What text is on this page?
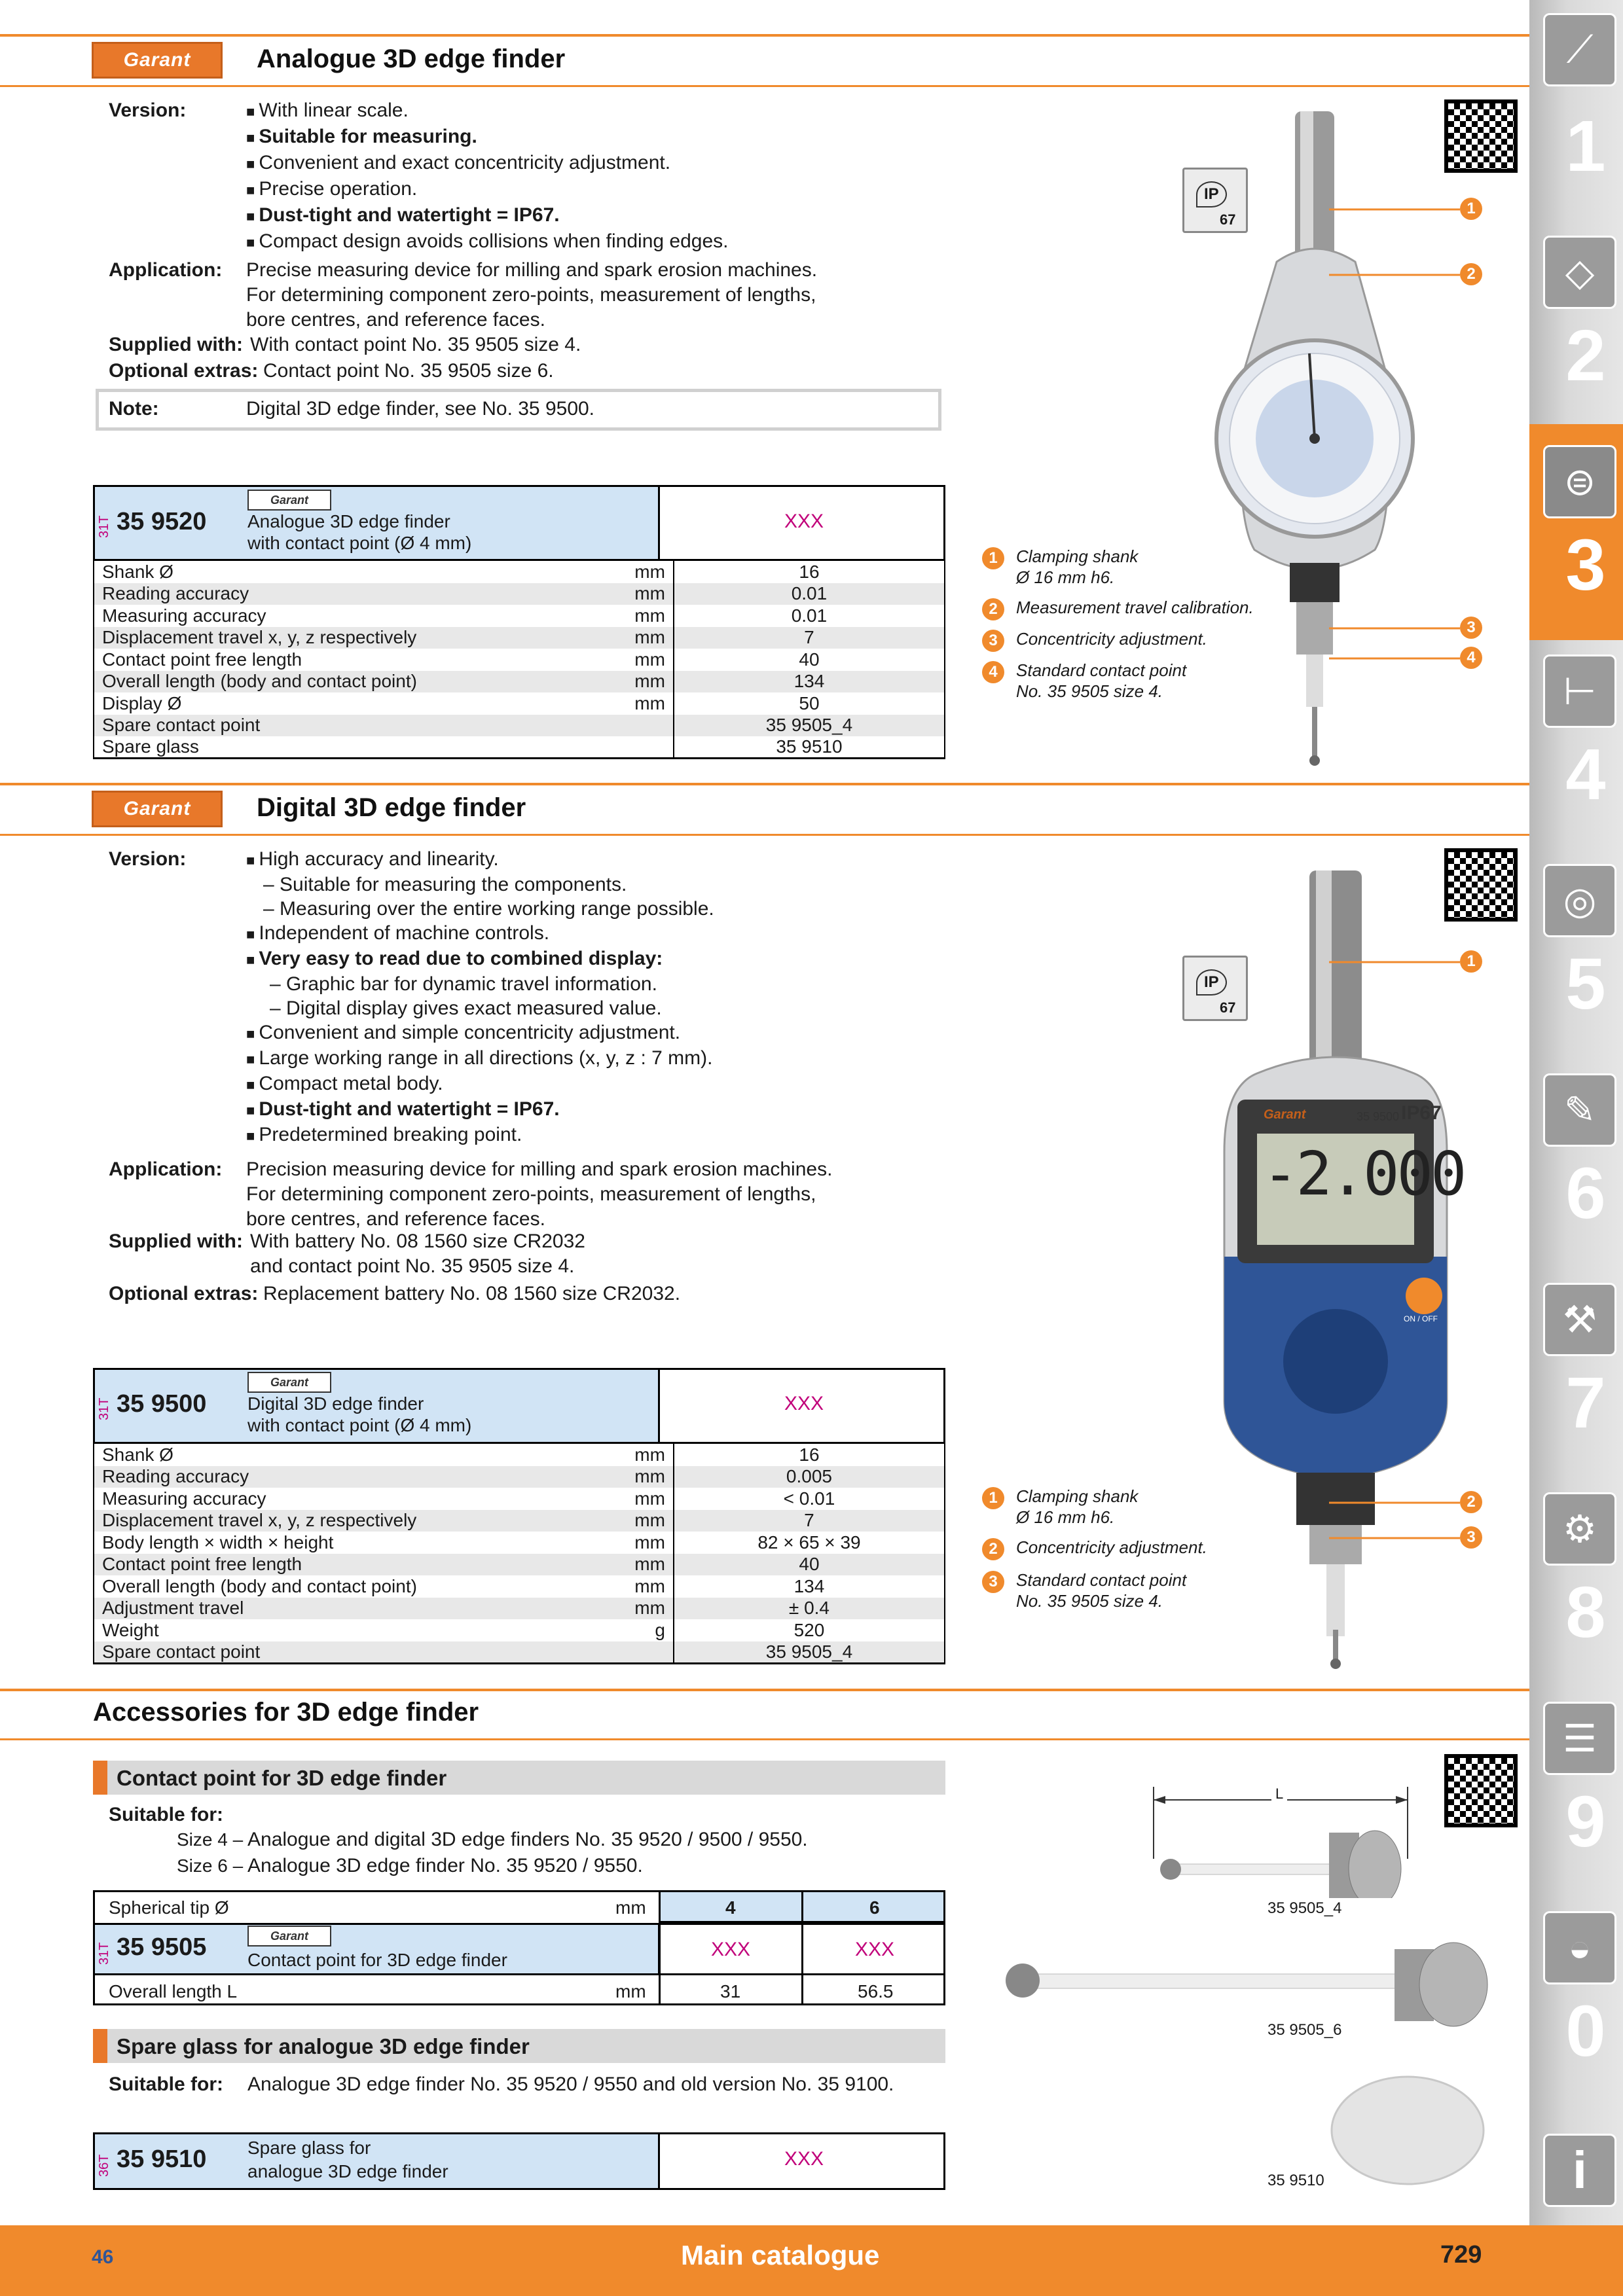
⟋
1
◇
2
⊜
3
⊢
4
◎
5
✎
6
⚒
7
⚙
8
☰
9
◒
0
i
Garant	Analogue 3D edge finder
Version:	■ With linear scale.
■ Suitable for measuring.
■ Convenient and exact concentricity adjustment.
■ Precise operation.
■ Dust-tight and watertight = IP67.
■ Compact design avoids collisions when finding edges.
Application: Precise measuring device for milling and spark erosion machines.
For determining component zero-points, measurement of lengths,
bore centres, and reference faces.
Supplied with: With contact point No. 35 9505 size 4.
Optional extras: Contact point No. 35 9505 size 6.
Note:	Digital 3D edge finder, see No. 35 9500.
31T 35 9520
Garant
Analogue 3D edge finder
with contact point (Ø 4 mm)
XXX
Shank Ø	mm	16
Reading accuracy	mm	0.01
Measuring accuracy	mm	0.01
Displacement travel x, y, z respectively	mm	7
Contact point free length	mm	40
Overall length (body and contact point)	mm	134
Display Ø	mm	50
Spare contact point		35 9505_4
Spare glass		35 9510
IP
67
1
2
3
4
1	Clamping shank
Ø 16 mm h6.
2	Measurement travel calibration.
3	Concentricity adjustment.
4	Standard contact point
No. 35 9505 size 4.
Garant	Digital 3D edge finder
Version:	■ High accuracy and linearity.
– Suitable for measuring the components.
– Measuring over the entire working range possible.
■ Independent of machine controls.
■ Very easy to read due to combined display:
– Graphic bar for dynamic travel information.
– Digital display gives exact measured value.
■ Convenient and simple concentricity adjustment.
■ Large working range in all directions (x, y, z : 7 mm).
■ Compact metal body.
■ Dust-tight and watertight = IP67.
■ Predetermined breaking point.
Application: Precision measuring device for milling and spark erosion machines.
For determining component zero-points, measurement of lengths,
bore centres, and reference faces.
Supplied with: With battery No. 08 1560 size CR2032
and contact point No. 35 9505 size 4.
Optional extras: Replacement battery No. 08 1560 size CR2032.
31T 35 9500
Garant
Digital 3D edge finder
with contact point (Ø 4 mm)
XXX
Shank Ø	mm	16
Reading accuracy	mm	0.005
Measuring accuracy	mm	< 0.01
Displacement travel x, y, z respectively	mm	7
Body length × width × height	mm	82 × 65 × 39
Contact point free length	mm	40
Overall length (body and contact point)	mm	134
Adjustment travel	mm	± 0.4
Weight	g	520
Spare contact point		35 9505_4
IP
67
Garant	35 9500 IP67
-2.000
ON / OFF
1
2
3
1	Clamping shank
Ø 16 mm h6.
2	Concentricity adjustment.
3	Standard contact point
No. 35 9505 size 4.
Accessories for 3D edge finder
Contact point for 3D edge finder
Suitable for:
Size 4 – Analogue and digital 3D edge finders No. 35 9520 / 9500 / 9550.
Size 6 – Analogue 3D edge finder No. 35 9520 / 9550.
Spherical tip Ø	mm	4	6
31T 35 9505	Garant
Contact point for 3D edge finder	XXX	XXX
Overall length L	mm	31	56.5
Spare glass for analogue 3D edge finder
Suitable for: Analogue 3D edge finder No. 35 9520 / 9550 and old version No. 35 9100.
36T 35 9510 Spare glass for
analogue 3D edge finder
XXX
L
35 9505_4
35 9505_6
35 9510
46	Main catalogue	729
